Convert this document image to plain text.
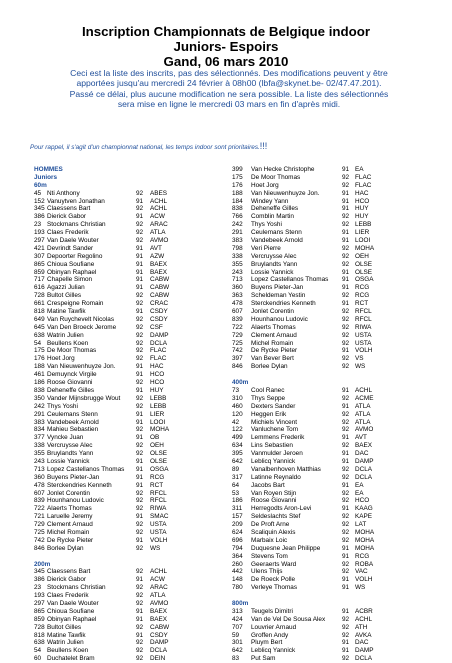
Inscription Championnats de Belgique indoor
Juniors- Espoirs
Gand, 06 mars 2010
Ceci est la liste des inscrits, pas des sélectionnés. Des modifications peuvent y être
apportées jusqu'au mercredi 24 février à 08h00 (lbfa@skynet.be- 02/47.47.201).
Passé ce délai, plus aucune modification ne sera possible. La liste des sélectionnés
sera mise en ligne le mercredi 03 mars en fin d'après midi.
Pour rappel, il s'agit d'un championnat national, les temps indoor sont prioritaires.!!!
HOMMES
Juniors
60m
45 Nti Anthony	92 ABES
152 Vanuytven Jonathan	91 ACHL
345 Claessens Bart	92 ACHL
386 Dierick Gabor	91 ACW
23 Stockmans Christian	92 ARAC
193 Claes Frederik	92 ATLA
297 Van Daele Wouter	92 AVMO
421 Devrindt Sander	91 AVT
307 Depoorter Regolino	91 AZW
865 Chioua Soufiane	91 BAEX
859 Obinyan Raphael	91 BAEX
717 Chapelle Simon	91 CABW
616 Agazzi Julian	91 CABW
728 Bultot Gilles	92 CABW
661 Crespeigne Romain	92 CRAC
818 Matine Tawfik	91 CSDY
649 Van Ruychevelt Nicolas	92 CSDY
645 Van Den Broeck Jerome	92 CSF
638 Watrin Julien	92 DAMP
54 Beullens Koen	92 DCLA
175 De Moor Thomas	92 FLAC
176 Hoet Jorg	92 FLAC
188 Van Nieuwenhuyze Jon.	91 HAC
461 Demuynck Virgile	91 HCO
186 Roose Giovanni	92 HCO
838 Deheneffe Gilles	91 HUY
350 Vander Mijnsbrugge Wout 92 LEBB
242 Thys Yoshi	92 LEBB
291 Ceulemans Stenn	91 LIER
383 Vandebeek Arnold	91 LOOI
834 Mahieu Sebastien	92 MOHA
377 Vyncke Juan	91 OB
338 Vercruysse Alec	92 OEH
355 Bruylandts Yann	92 OLSE
243 Lossie Yannick	91 OLSE
713 Lopez Castellanos Thomas 91 OSGA
360 Buyens Pieter-Jan	91 RCG
478 Sterckendries Kenneth	91 RCT
607 Jonlet Corentin	92 RFCL
839 Hounhanou Ludovic	92 RFCL
722 Alaerts Thomas	92 RIWA
721 Laruelle Jeremy	91 SMAC
729 Clement Arnaud	92 USTA
725 Michel Romain	92 USTA
742 De Rycke Pieter	91 VOLH
846 Borlee Dylan	92 WS
200m
345 Claessens Bart	92 ACHL
386 Dierick Gabor	91 ACW
23 Stockmans Christian	92 ARAC
193 Claes Frederik	92 ATLA
297 Van Daele Wouter	92 AVMO
865 Chioua Soufiane	91 BAEX
859 Obinyan Raphael	91 BAEX
728 Bultot Gilles	92 CABW
818 Matine Tawfik	91 CSDY
638 Watrin Julien	92 DAMP
54 Beullens Koen	92 DCLA
60 Duchatelet Bram	92 DEIN
399 Van Hecke Christophe	91 EA
175 De Moor Thomas	92 FLAC
176 Hoet Jorg	92 FLAC
188 Van Nieuwenhuyze Jon.	91 HAC
184 Windey Yann	91 HCO
838 Deheneffe Gilles	91 HUY
766 Comblin Martin	92 HUY
242 Thys Yoshi	92 LEBB
291 Ceulemans Stenn	91 LIER
383 Vandebeek Arnold	91 LOOI
798 Veri Pierre	92 MOHA
338 Vercruysse Alec	92 OEH
355 Bruylandts Yann	92 OLSE
243 Lossie Yannick	91 OLSE
713 Lopez Castellanos Thomas 91 OSGA
360 Buyens Pieter-Jan	91 RCG
363 Scheldeman Yestin	92 RCG
478 Sterckendries Kenneth	91 RCT
607 Jonlet Corentin	92 RFCL
839 Hounhanou Ludovic	92 RFCL
722 Alaerts Thomas	92 RIWA
729 Clement Arnaud	92 USTA
725 Michel Romain	92 USTA
742 De Rycke Pieter	91 VOLH
397 Van Bever Bert	92 VS
846 Borlee Dylan	92 WS
400m
73 Cool Ranec	91 ACHL
310 Thys Seppe	92 ACME
460 Dexters Sander	91 ATLA
120 Heggen Erik	92 ATLA
42 Michiels Vincent	92 ATLA
122 Vanluchene Tom	92 AVMO
499 Lemmens Frederik	91 AVT
634 Lins Sebastien	92 BAEX
395 Vanmulder Jeroen	91 DAC
642 Leblicq Yannick	91 DAMP
89 Vanalbenhoven Matthias	92 DCLA
317 Latinne Reynaldo	92 DCLA
64 Jacobs Bart	91 EA
53 Van Royen Stijn	92 EA
186 Roose Giovanni	92 HCO
311 Herregodts Aron-Levi	91 KAAG
157 Seldeslachts Stef	92 KAPE
209 De Proft Arne	92 LAT
624 Scaliquin Alexis	92 MOHA
696 Marbaix Loic	92 MOHA
794 Duquesne Jean Philippe	91 MOHA
364 Stevens Tom	91 RCG
260 Geeraerts Ward	92 ROBA
442 Ulens Thijs	92 VAC
148 De Roeck Polle	91 VOLH
780 Verleye Thomas	91 WS
800m
313 Teugels Dimitri	91 ACBR
424 Van de Vel De Sousa Alex	92 ACHL
707 Louvrier Arnaud	92 ATH
59 Groffen Andy	92 AVKA
301 Pluym Bert	91 DAC
642 Leblicq Yannick	91 DAMP
83 Put Sam	92 DCLA
